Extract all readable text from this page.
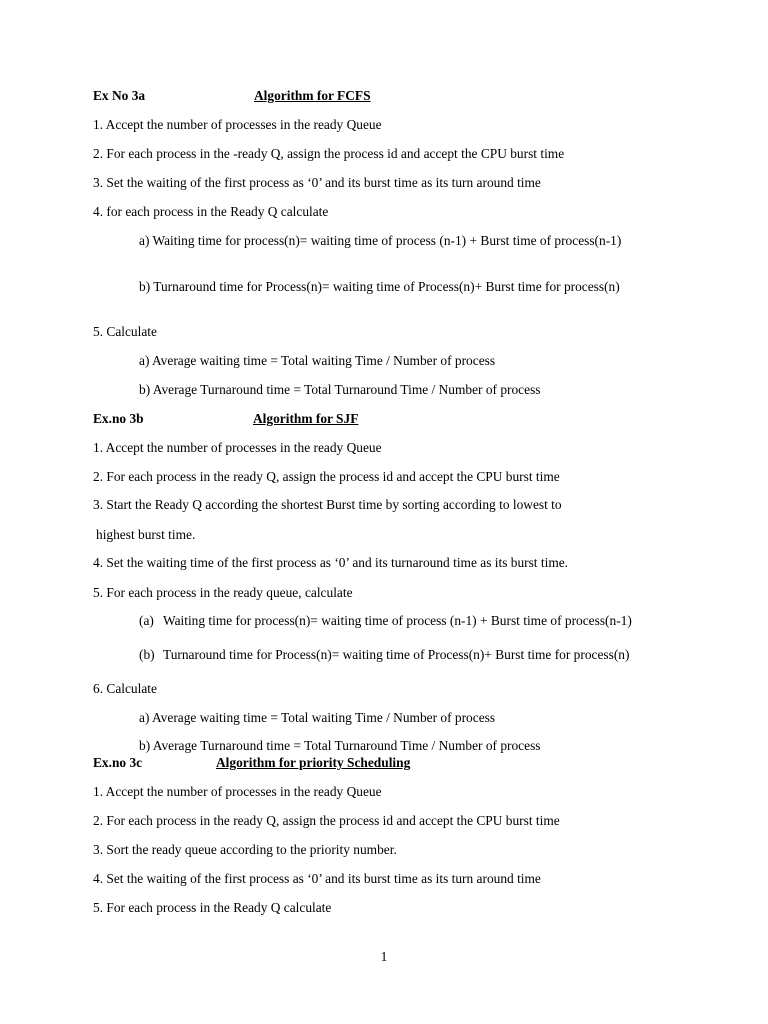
Ex No 3a	Algorithm for FCFS

1. Accept the number of processes in the ready Queue

2. For each process in the -ready Q, assign the process id and accept the CPU burst time

3. Set the waiting of the first process as ‘0’ and its burst time as its turn around time

4. for each process in the Ready Q calculate

a) Waiting time for process(n)= waiting time of process (n-1) + Burst time of process(n-1)

b) Turnaround time for Process(n)= waiting time of Process(n)+ Burst time for process(n)

5. Calculate

a) Average waiting time = Total waiting Time / Number of process

b) Average Turnaround time = Total Turnaround Time / Number of process

Ex.no 3b	Algorithm for SJF

1. Accept the number of processes in the ready Queue

2. For each process in the ready Q, assign the process id and accept the CPU burst time

3. Start the Ready Q according the shortest Burst time by sorting according to lowest to

highest burst time.

4. Set the waiting time of the first process as ‘0’ and its turnaround time as its burst time.

5. For each process in the ready queue, calculate

(a) Waiting time for process(n)= waiting time of process (n-1) + Burst time of process(n-1)

(b) Turnaround time for Process(n)= waiting time of Process(n)+ Burst time for process(n)

6. Calculate

a) Average waiting time = Total waiting Time / Number of process

b) Average Turnaround time = Total Turnaround Time / Number of process

Ex.no 3c	Algorithm for priority Scheduling

1. Accept the number of processes in the ready Queue

2. For each process in the ready Q, assign the process id and accept the CPU burst time

3. Sort the ready queue according to the priority number.

4. Set the waiting of the first process as ‘0’ and its burst time as its turn around time

5. For each process in the Ready Q calculate

1
